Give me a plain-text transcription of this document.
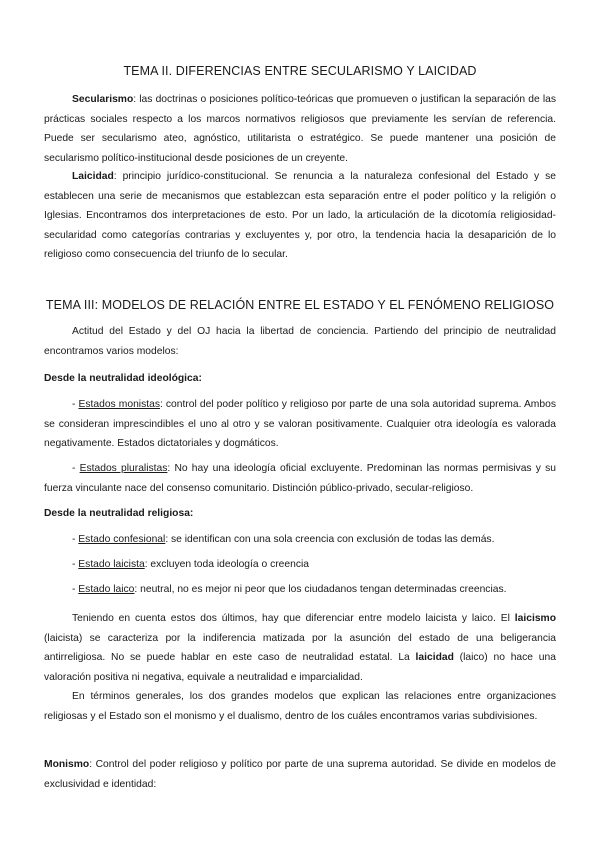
TEMA II. DIFERENCIAS ENTRE SECULARISMO Y LAICIDAD

Secularismo: las doctrinas o posiciones político-teóricas que promueven o justifican la separación de las prácticas sociales respecto a los marcos normativos religiosos que previamente les servían de referencia. Puede ser secularismo ateo, agnóstico, utilitarista o estratégico. Se puede mantener una posición de secularismo político-institucional desde posiciones de un creyente.

Laicidad: principio jurídico-constitucional. Se renuncia a la naturaleza confesional del Estado y se establecen una serie de mecanismos que establezcan esta separación entre el poder político y la religión o Iglesias. Encontramos dos interpretaciones de esto. Por un lado, la articulación de la dicotomía religiosidad-secularidad como categorías contrarias y excluyentes y, por otro, la tendencia hacia la desaparición de lo religioso como consecuencia del triunfo de lo secular.

TEMA III: MODELOS DE RELACIÓN ENTRE EL ESTADO Y EL FENÓMENO RELIGIOSO

Actitud del Estado y del OJ hacia la libertad de conciencia. Partiendo del principio de neutralidad encontramos varios modelos:

Desde la neutralidad ideológica:

- Estados monistas: control del poder político y religioso por parte de una sola autoridad suprema. Ambos se consideran imprescindibles el uno al otro y se valoran positivamente. Cualquier otra ideología es valorada negativamente. Estados dictatoriales y dogmáticos.

- Estados pluralistas: No hay una ideología oficial excluyente. Predominan las normas permisivas y su fuerza vinculante nace del consenso comunitario. Distinción público-privado, secular-religioso.

Desde la neutralidad religiosa:

- Estado confesional: se identifican con una sola creencia con exclusión de todas las demás.

- Estado laicista: excluyen toda ideología o creencia

- Estado laico: neutral, no es mejor ni peor que los ciudadanos tengan determinadas creencias.

Teniendo en cuenta estos dos últimos, hay que diferenciar entre modelo laicista y laico. El laicismo (laicista) se caracteriza por la indiferencia matizada por la asunción del estado de una beligerancia antirreligiosa. No se puede hablar en este caso de neutralidad estatal. La laicidad (laico) no hace una valoración positiva ni negativa, equivale a neutralidad e imparcialidad.

En términos generales, los dos grandes modelos que explican las relaciones entre organizaciones religiosas y el Estado son el monismo y el dualismo, dentro de los cuáles encontramos varias subdivisiones.

Monismo: Control del poder religioso y político por parte de una suprema autoridad. Se divide en modelos de exclusividad e identidad:
